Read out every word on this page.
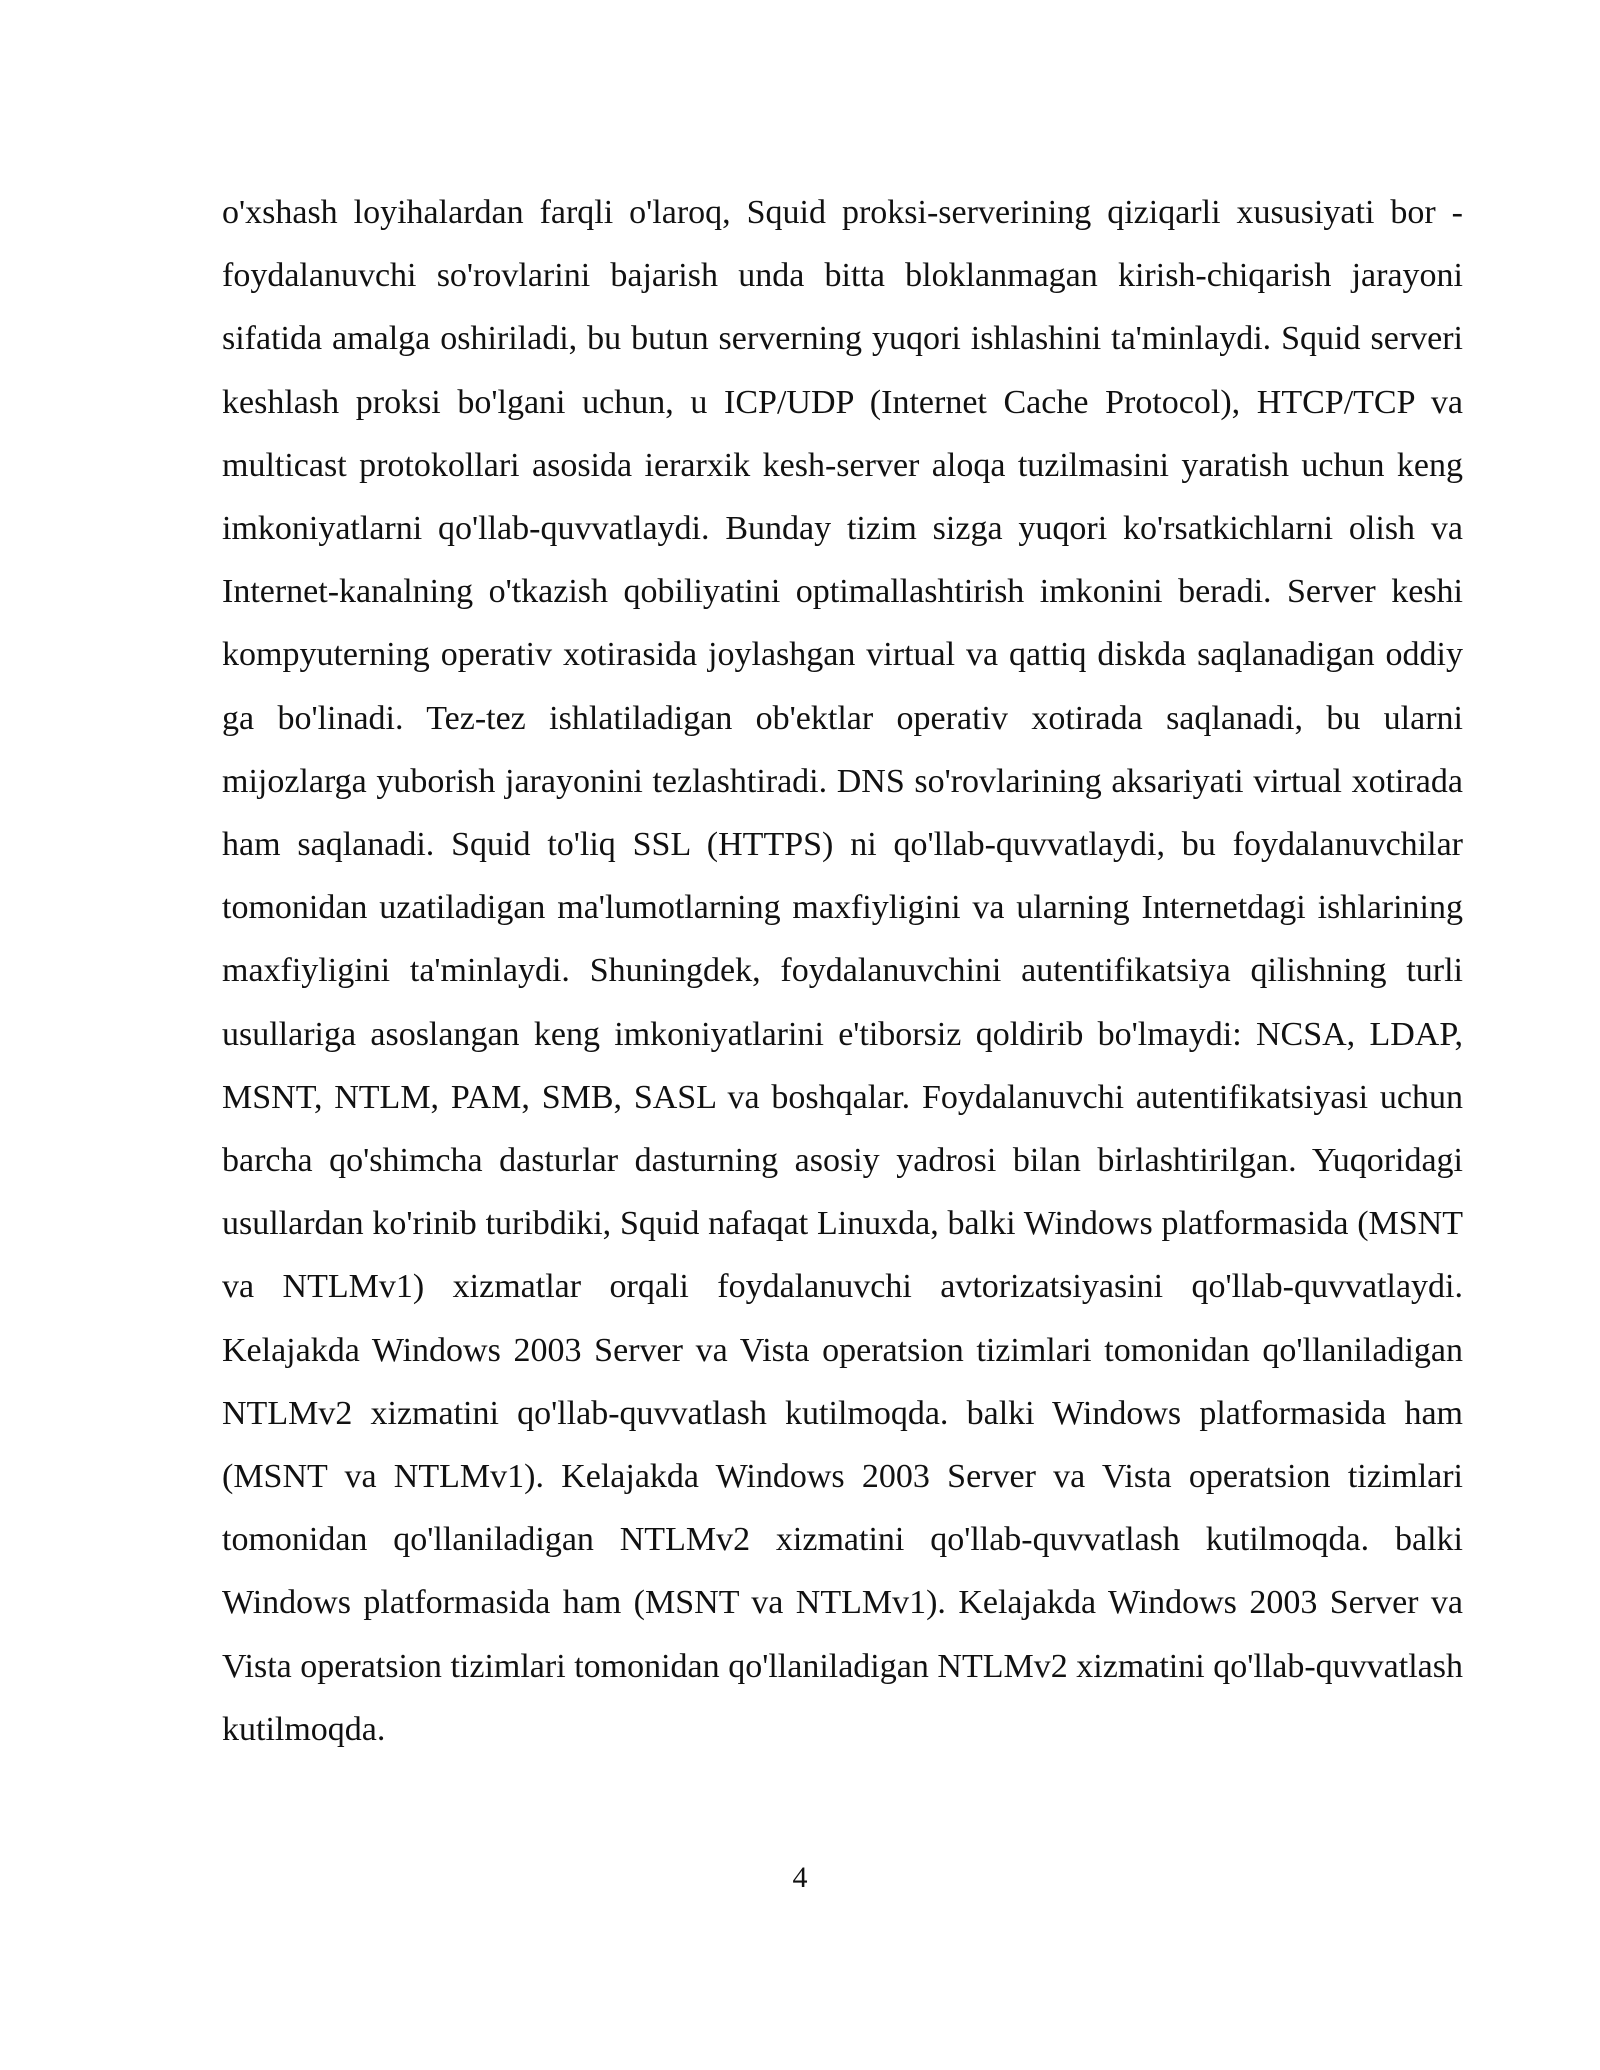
o'xshash loyihalardan farqli o'laroq, Squid proksi-serverining qiziqarli xususiyati bor - foydalanuvchi so'rovlarini bajarish unda bitta bloklanmagan kirish-chiqarish jarayoni sifatida amalga oshiriladi, bu butun serverning yuqori ishlashini ta'minlaydi. Squid serveri keshlash proksi bo'lgani uchun, u ICP/UDP (Internet Cache Protocol), HTCP/TCP va multicast protokollari asosida ierarxik kesh-server aloqa tuzilmasini yaratish uchun keng imkoniyatlarni qo'llab-quvvatlaydi. Bunday tizim sizga yuqori ko'rsatkichlarni olish va Internet-kanalning o'tkazish qobiliyatini optimallashtirish imkonini beradi. Server keshi kompyuterning operativ xotirasida joylashgan virtual va qattiq diskda saqlanadigan oddiy ga bo'linadi. Tez-tez ishlatiladigan ob'ektlar operativ xotirada saqlanadi, bu ularni mijozlarga yuborish jarayonini tezlashtiradi. DNS so'rovlarining aksariyati virtual xotirada ham saqlanadi. Squid to'liq SSL (HTTPS) ni qo'llab-quvvatlaydi, bu foydalanuvchilar tomonidan uzatiladigan ma'lumotlarning maxfiyligini va ularning Internetdagi ishlarining maxfiyligini ta'minlaydi. Shuningdek, foydalanuvchini autentifikatsiya qilishning turli usullariga asoslangan keng imkoniyatlarini e'tiborsiz qoldirib bo'lmaydi: NCSA, LDAP, MSNT, NTLM, PAM, SMB, SASL va boshqalar. Foydalanuvchi autentifikatsiyasi uchun barcha qo'shimcha dasturlar dasturning asosiy yadrosi bilan birlashtirilgan. Yuqoridagi usullardan ko'rinib turibdiki, Squid nafaqat Linuxda, balki Windows platformasida (MSNT va NTLMv1) xizmatlar orqali foydalanuvchi avtorizatsiyasini qo'llab-quvvatlaydi. Kelajakda Windows 2003 Server va Vista operatsion tizimlari tomonidan qo'llaniladigan NTLMv2 xizmatini qo'llab-quvvatlash kutilmoqda. balki Windows platformasida ham (MSNT va NTLMv1). Kelajakda Windows 2003 Server va Vista operatsion tizimlari tomonidan qo'llaniladigan NTLMv2 xizmatini qo'llab-quvvatlash kutilmoqda. balki Windows platformasida ham (MSNT va NTLMv1). Kelajakda Windows 2003 Server va Vista operatsion tizimlari tomonidan qo'llaniladigan NTLMv2 xizmatini qo'llab-quvvatlash kutilmoqda.

4
